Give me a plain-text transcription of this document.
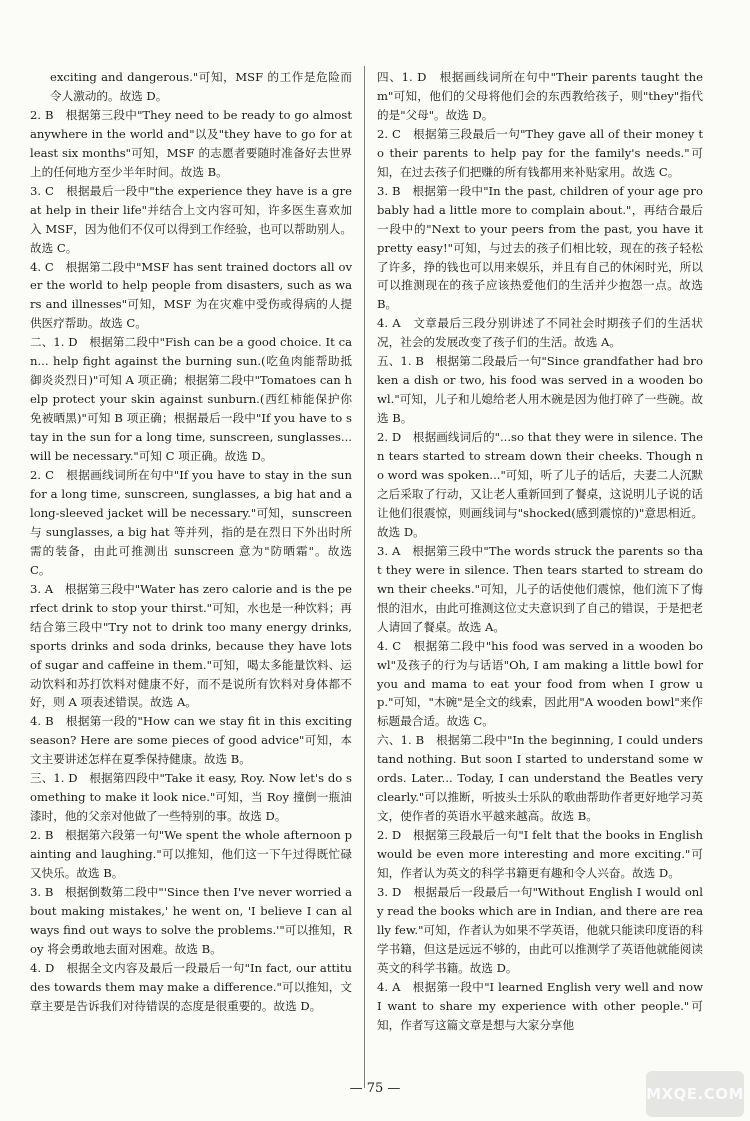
exciting and dangerous."可知，MSF 的工作是危险而令人激动的。故选 D。

2. B　根据第三段中"They need to be ready to go almost anywhere in the world and"以及"they have to go for at least six months"可知，MSF 的志愿者要随时准备好去世界上的任何地方至少半年时间。故选 B。

3. C　根据最后一段中"the experience they have is a great help in their life"并结合上文内容可知，许多医生喜欢加入 MSF，因为他们不仅可以得到工作经验，也可以帮助别人。故选 C。

4. C　根据第二段中"MSF has sent trained doctors all over the world to help people from disasters, such as wars and illnesses"可知，MSF 为在灾难中受伤或得病的人提供医疗帮助。故选 C。

二、1. D　根据第二段中"Fish can be a good choice. It can... help fight against the burning sun.(吃鱼肉能帮助抵御炎炎烈日)"可知 A 项正确；根据第二段中"Tomatoes can help protect your skin against sunburn.(西红柿能保护你免被晒黑)"可知 B 项正确；根据最后一段中"If you have to stay in the sun for a long time, sunscreen, sunglasses... will be necessary."可知 C 项正确。故选 D。

2. C　根据画线词所在句中"If you have to stay in the sun for a long time, sunscreen, sunglasses, a big hat and a long-sleeved jacket will be necessary."可知，sunscreen 与 sunglasses, a big hat 等并列，指的是在烈日下外出时所需的装备，由此可推测出 sunscreen 意为"防晒霜"。故选 C。

3. A　根据第三段中"Water has zero calorie and is the perfect drink to stop your thirst."可知，水也是一种饮料；再结合第三段中"Try not to drink too many energy drinks, sports drinks and soda drinks, because they have lots of sugar and caffeine in them."可知，喝太多能量饮料、运动饮料和苏打饮料对健康不好，而不是说所有饮料对身体都不好，则 A 项表述错误。故选 A。

4. B　根据第一段的"How can we stay fit in this exciting season? Here are some pieces of good advice"可知，本文主要讲述怎样在夏季保持健康。故选 B。

三、1. D　根据第四段中"Take it easy, Roy. Now let's do something to make it look nice."可知，当 Roy 撞倒一瓶油漆时，他的父亲对他做了一些特别的事。故选 D。

2. B　根据第六段第一句"We spent the whole afternoon painting and laughing."可以推知，他们这一下午过得既忙碌又快乐。故选 B。

3. B　根据倒数第二段中"'Since then I've never worried about making mistakes,' he went on, 'I believe I can always find out ways to solve the problems.'"可以推知，Roy 将会勇敢地去面对困难。故选 B。

4. D　根据全文内容及最后一段最后一句"In fact, our attitudes towards them may make a difference."可以推知，文章主要是告诉我们对待错误的态度是很重要的。故选 D。

四、1. D　根据画线词所在句中"Their parents taught them"可知，他们的父母将他们会的东西教给孩子，则"they"指代的是"父母"。故选 D。

2. C　根据第三段最后一句"They gave all of their money to their parents to help pay for the family's needs."可知，在过去孩子们把赚的所有钱都用来补贴家用。故选 C。

3. B　根据第一段中"In the past, children of your age probably had a little more to complain about."，再结合最后一段中的"Next to your peers from the past, you have it pretty easy!"可知，与过去的孩子们相比较，现在的孩子轻松了许多，挣的钱也可以用来娱乐，并且有自己的休闲时光，所以可以推测现在的孩子应该热爱他们的生活并少抱怨一点。故选 B。

4. A　文章最后三段分别讲述了不同社会时期孩子们的生活状况，社会的发展改变了孩子们的生活。故选 A。

五、1. B　根据第二段最后一句"Since grandfather had broken a dish or two, his food was served in a wooden bowl."可知，儿子和儿媳给老人用木碗是因为他打碎了一些碗。故选 B。

2. D　根据画线词后的"...so that they were in silence. Then tears started to stream down their cheeks. Though no word was spoken..."可知，听了儿子的话后，夫妻二人沉默之后采取了行动，又让老人重新回到了餐桌，这说明儿子说的话让他们很震惊，则画线词与"shocked(感到震惊的)"意思相近。故选 D。

3. A　根据第三段中"The words struck the parents so that they were in silence. Then tears started to stream down their cheeks."可知，儿子的话使他们震惊，他们流下了悔恨的泪水，由此可推测这位丈夫意识到了自己的错误，于是把老人请回了餐桌。故选 A。

4. C　根据第二段中"his food was served in a wooden bowl"及孩子的行为与话语"Oh, I am making a little bowl for you and mama to eat your food from when I grow up."可知，"木碗"是全文的线索，因此用"A wooden bowl"来作标题最合适。故选 C。

六、1. B　根据第二段中"In the beginning, I could understand nothing. But soon I started to understand some words. Later... Today, I can understand the Beatles very clearly."可以推断，听披头士乐队的歌曲帮助作者更好地学习英文，使作者的英语水平越来越高。故选 B。

2. D　根据第三段最后一句"I felt that the books in English would be even more interesting and more exciting."可知，作者认为英文的科学书籍更有趣和令人兴奋。故选 D。

3. D　根据最后一段最后一句"Without English I would only read the books which are in Indian, and there are really few."可知，作者认为如果不学英语，他就只能读印度语的科学书籍，但这是远远不够的，由此可以推测学了英语他就能阅读英文的科学书籍。故选 D。

4. A　根据第一段中"I learned English very well and now I want to share my experience with other people."可知，作者写这篇文章是想与大家分享他

— 75 —	MXQE.COM
